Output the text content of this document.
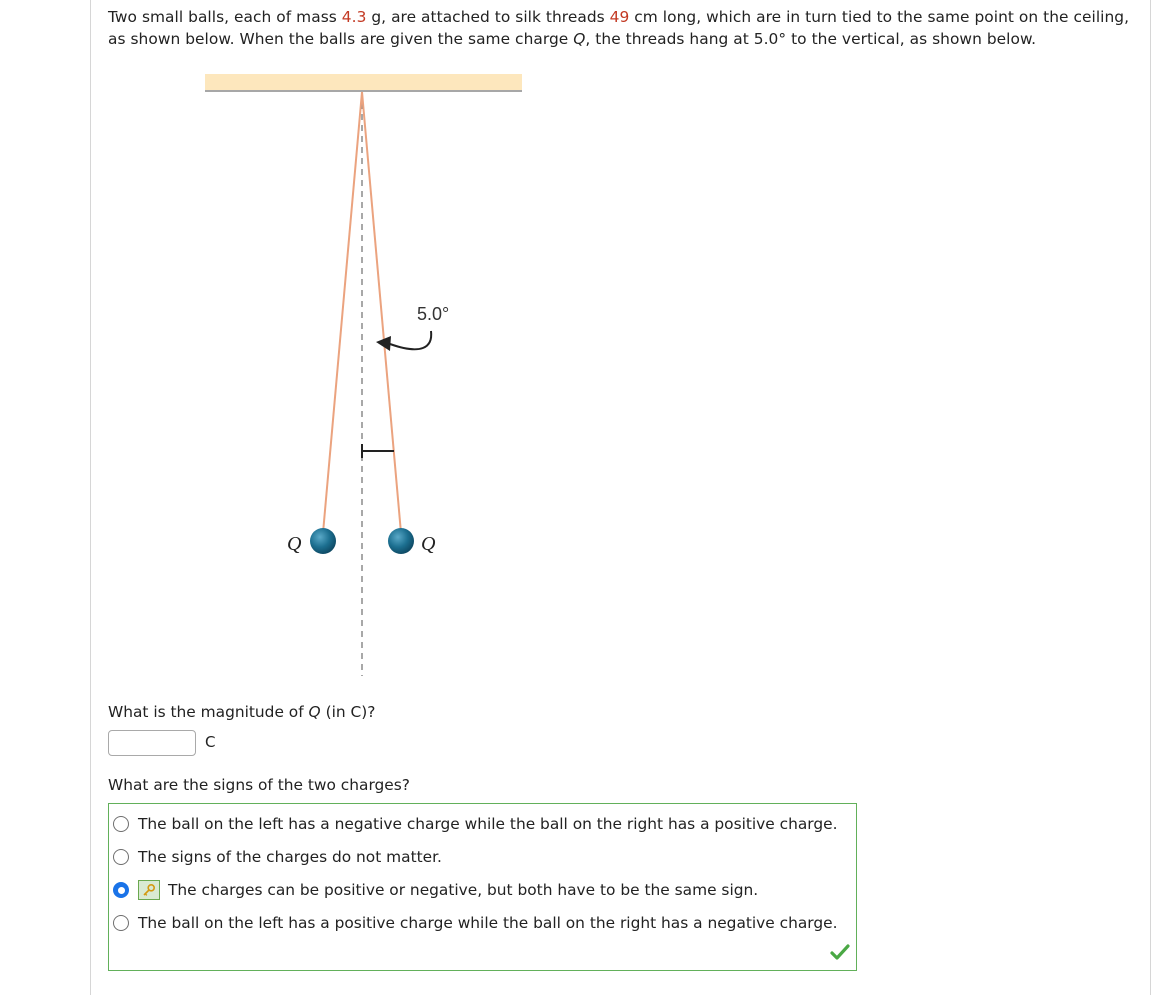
Two small balls, each of mass 4.3 g, are attached to silk threads 49 cm long, which are in turn tied to the same point on the ceiling, as shown below. When the balls are given the same charge Q, the threads hang at 5.0° to the vertical, as shown below.
5.0°
Q	Q
What is the magnitude of Q (in C)?
C
What are the signs of the two charges?
The ball on the left has a negative charge while the ball on the right has a positive charge.
The signs of the charges do not matter.
The charges can be positive or negative, but both have to be the same sign.
The ball on the left has a positive charge while the ball on the right has a negative charge.
